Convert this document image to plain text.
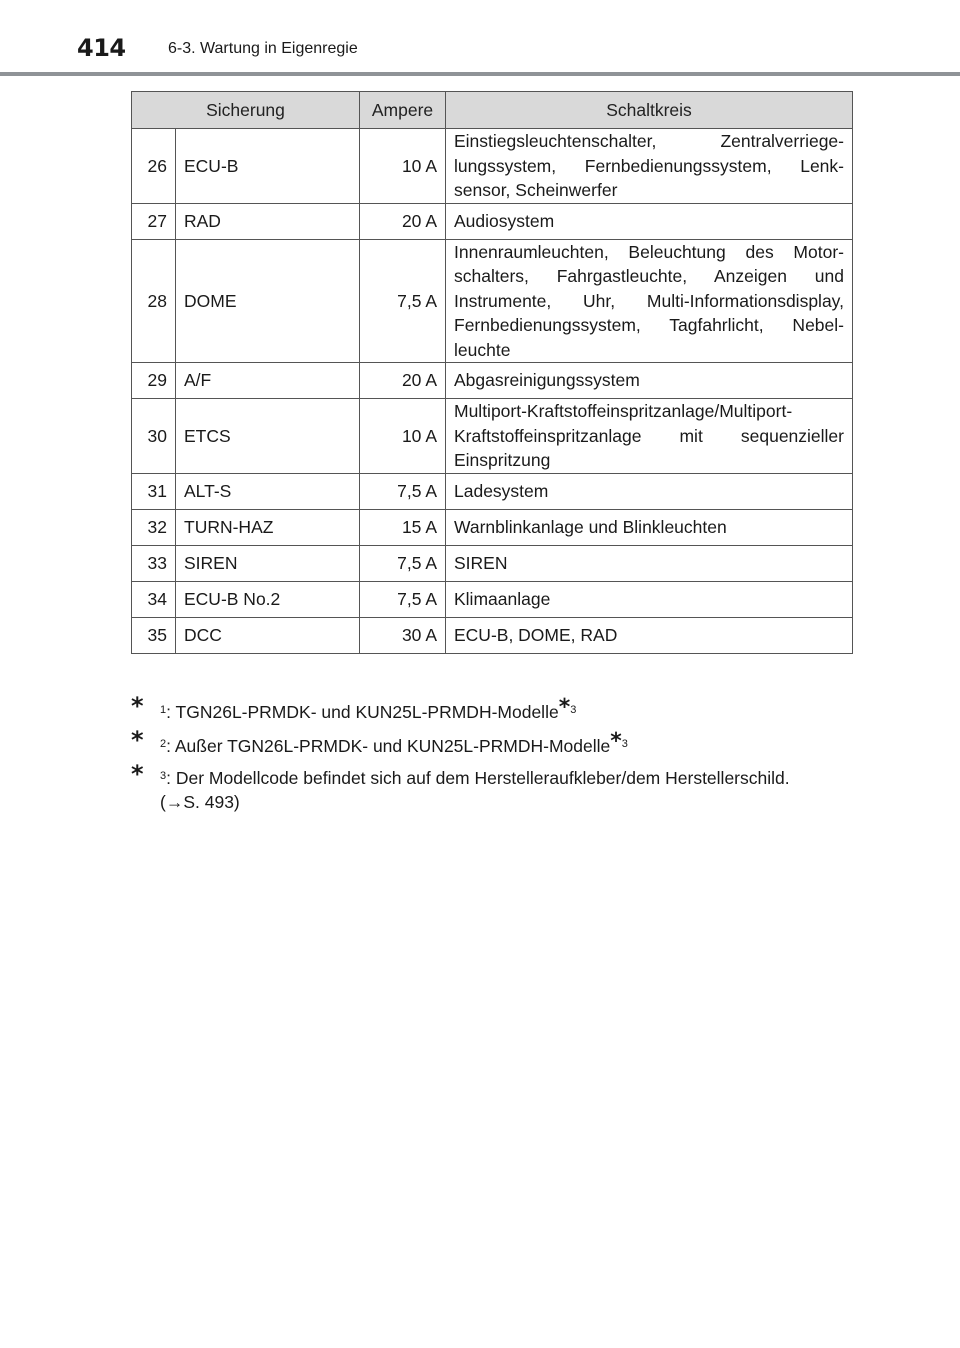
414	6-3. Wartung in Eigenregie
Sicherung		Ampere	Schaltkreis
26	ECU-B	10 A	Einstiegsleuchtenschalter, Zentralverriege-lungssystem, Fernbedienungssystem, Lenk-sensor, Scheinwerfer
27	RAD	20 A	Audiosystem
28	DOME	7,5 A	Innenraumleuchten, Beleuchtung des Motor-schalters, Fahrgastleuchte, Anzeigen und Instrumente, Uhr, Multi-Informationsdisplay, Fernbedienungssystem, Tagfahrlicht, Nebel-leuchte
29	A/F	20 A	Abgasreinigungssystem
30	ETCS	10 A	Multiport-Kraftstoffeinspritzanlage/Multiport-Kraftstoffeinspritzanlage mit sequenzieller Einspritzung
31	ALT-S	7,5 A	Ladesystem
32	TURN-HAZ	15 A	Warnblinkanlage und Blinkleuchten
33	SIREN	7,5 A	SIREN
34	ECU-B No.2	7,5 A	Klimaanlage
35	DCC	30 A	ECU-B, DOME, RAD
* $^1$: TGN26L-PRMDK- und KUN25L-PRMDH-Modelle*$^3$
* $^2$: Außer TGN26L-PRMDK- und KUN25L-PRMDH-Modelle*$^3$
* $^3$: Der Modellcode befindet sich auf dem Herstelleraufkleber/dem Herstellerschild.
(→S. 493)
